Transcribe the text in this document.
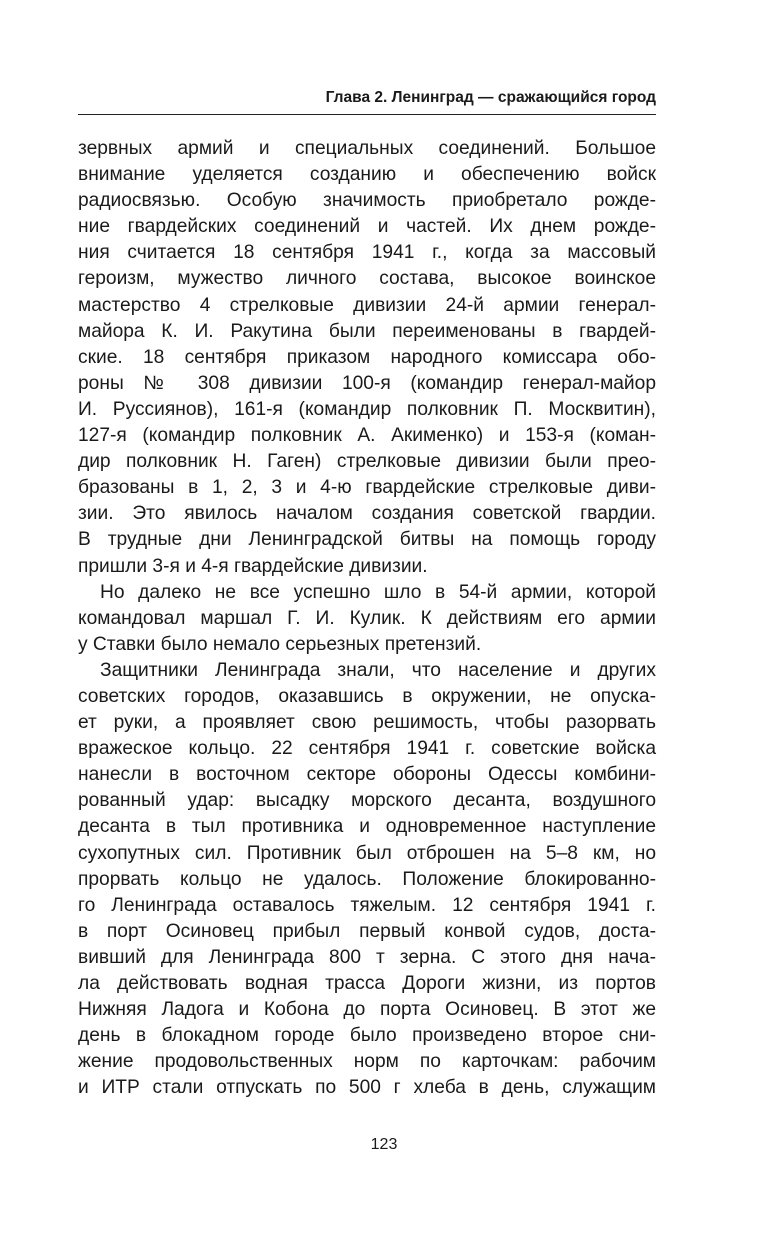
Глава 2. Ленинград — сражающийся город
зервных армий и специальных соединений. Большое
внимание уделяется созданию и обеспечению войск
радиосвязью. Особую значимость приобретало рожде-
ние гвардейских соединений и частей. Их днем рожде-
ния считается 18 сентября 1941 г., когда за массовый
героизм, мужество личного состава, высокое воинское
мастерство 4 стрелковые дивизии 24-й армии генерал-
майора К. И. Ракутина были переименованы в гвардей-
ские. 18 сентября приказом народного комиссара обо-
роны № 308 дивизии 100-я (командир генерал-майор
И. Руссиянов), 161-я (командир полковник П. Москвитин),
127-я (командир полковник А. Акименко) и 153-я (коман-
дир полковник Н. Гаген) стрелковые дивизии были прео-
бразованы в 1, 2, 3 и 4-ю гвардейские стрелковые диви-
зии. Это явилось началом создания советской гвардии.
В трудные дни Ленинградской битвы на помощь городу
пришли 3-я и 4-я гвардейские дивизии.
Но далеко не все успешно шло в 54-й армии, которой
командовал маршал Г. И. Кулик. К действиям его армии
у Ставки было немало серьезных претензий.
Защитники Ленинграда знали, что население и других
советских городов, оказавшись в окружении, не опуска-
ет руки, а проявляет свою решимость, чтобы разорвать
вражеское кольцо. 22 сентября 1941 г. советские войска
нанесли в восточном секторе обороны Одессы комбини-
рованный удар: высадку морского десанта, воздушного
десанта в тыл противника и одновременное наступление
сухопутных сил. Противник был отброшен на 5–8 км, но
прорвать кольцо не удалось. Положение блокированно-
го Ленинграда оставалось тяжелым. 12 сентября 1941 г.
в порт Осиновец прибыл первый конвой судов, доста-
вивший для Ленинграда 800 т зерна. С этого дня нача-
ла действовать водная трасса Дороги жизни, из портов
Нижняя Ладога и Кобона до порта Осиновец. В этот же
день в блокадном городе было произведено второе сни-
жение продовольственных норм по карточкам: рабочим
и ИТР стали отпускать по 500 г хлеба в день, служащим
123
